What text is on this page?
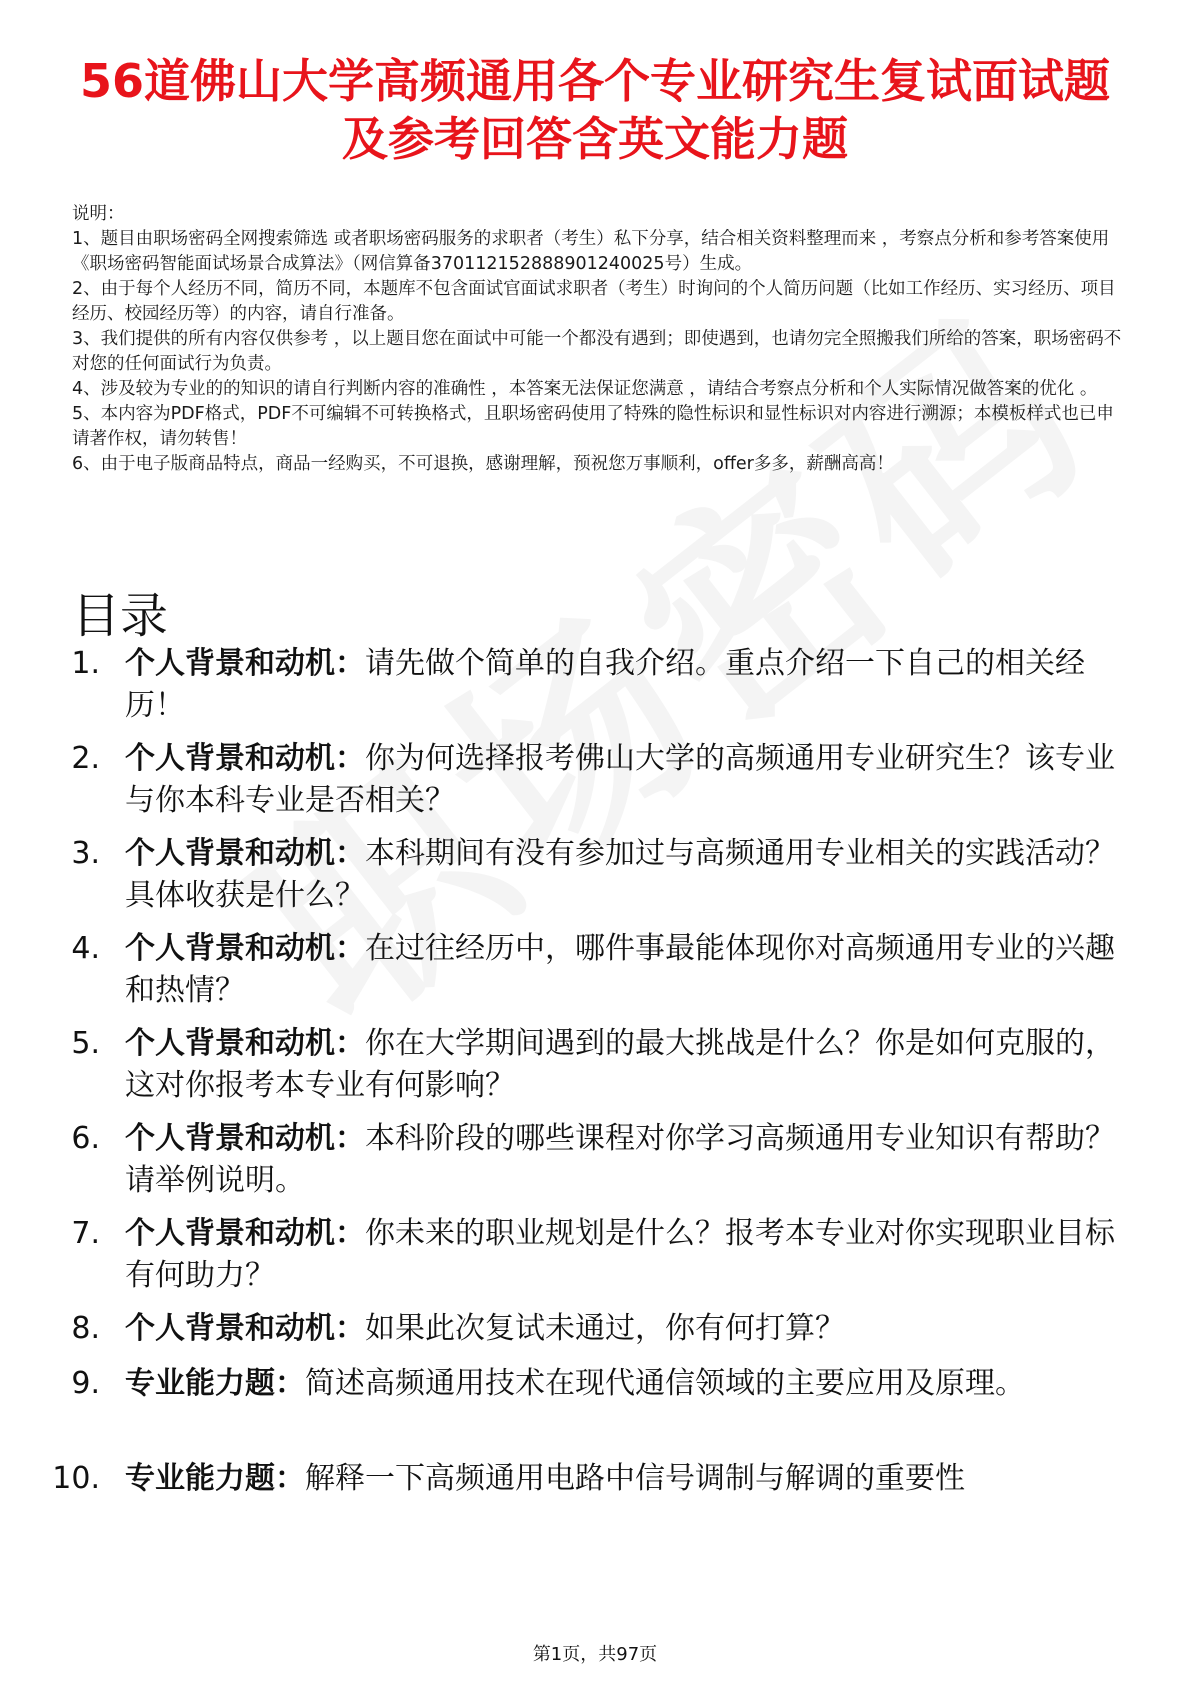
56道佛山大学高频通用各个专业研究生复试面试题及参考回答含英文能力题

说明：

1、题目由职场密码全网搜索筛选 或者职场密码服务的求职者（考生）私下分享，结合相关资料整理而来 ，考察点分析和参考答案使用《职场密码智能面试场景合成算法》（网信算备370112152888901240025号）生成。

2、由于每个人经历不同，简历不同，本题库不包含面试官面试求职者（考生）时询问的个人简历问题（比如工作经历、实习经历、项目经历、校园经历等）的内容，请自行准备。

3、我们提供的所有内容仅供参考 ，以上题目您在面试中可能一个都没有遇到；即使遇到，也请勿完全照搬我们所给的答案，职场密码不对您的任何面试行为负责。

4、涉及较为专业的的知识的请自行判断内容的准确性 ，本答案无法保证您满意 ，请结合考察点分析和个人实际情况做答案的优化 。

5、本内容为PDF格式，PDF不可编辑不可转换格式，且职场密码使用了特殊的隐性标识和显性标识对内容进行溯源；本模板样式也已申请著作权，请勿转售！

6、由于电子版商品特点，商品一经购买，不可退换，感谢理解，预祝您万事顺利，offer多多，薪酬高高！

目录
1. 个人背景和动机：请先做个简单的自我介绍。重点介绍一下自己的相关经历！
2. 个人背景和动机：你为何选择报考佛山大学的高频通用专业研究生？该专业与你本科专业是否相关？
3. 个人背景和动机：本科期间有没有参加过与高频通用专业相关的实践活动？具体收获是什么？
4. 个人背景和动机：在过往经历中，哪件事最能体现你对高频通用专业的兴趣和热情？
5. 个人背景和动机：你在大学期间遇到的最大挑战是什么？你是如何克服的，这对你报考本专业有何影响？
6. 个人背景和动机：本科阶段的哪些课程对你学习高频通用专业知识有帮助？请举例说明。
7. 个人背景和动机：你未来的职业规划是什么？报考本专业对你实现职业目标有何助力？
8. 个人背景和动机：如果此次复试未通过，你有何打算？
9. 专业能力题：简述高频通用技术在现代通信领域的主要应用及原理。
10. 专业能力题：解释一下高频通用电路中信号调制与解调的重要性
第1页，共97页
